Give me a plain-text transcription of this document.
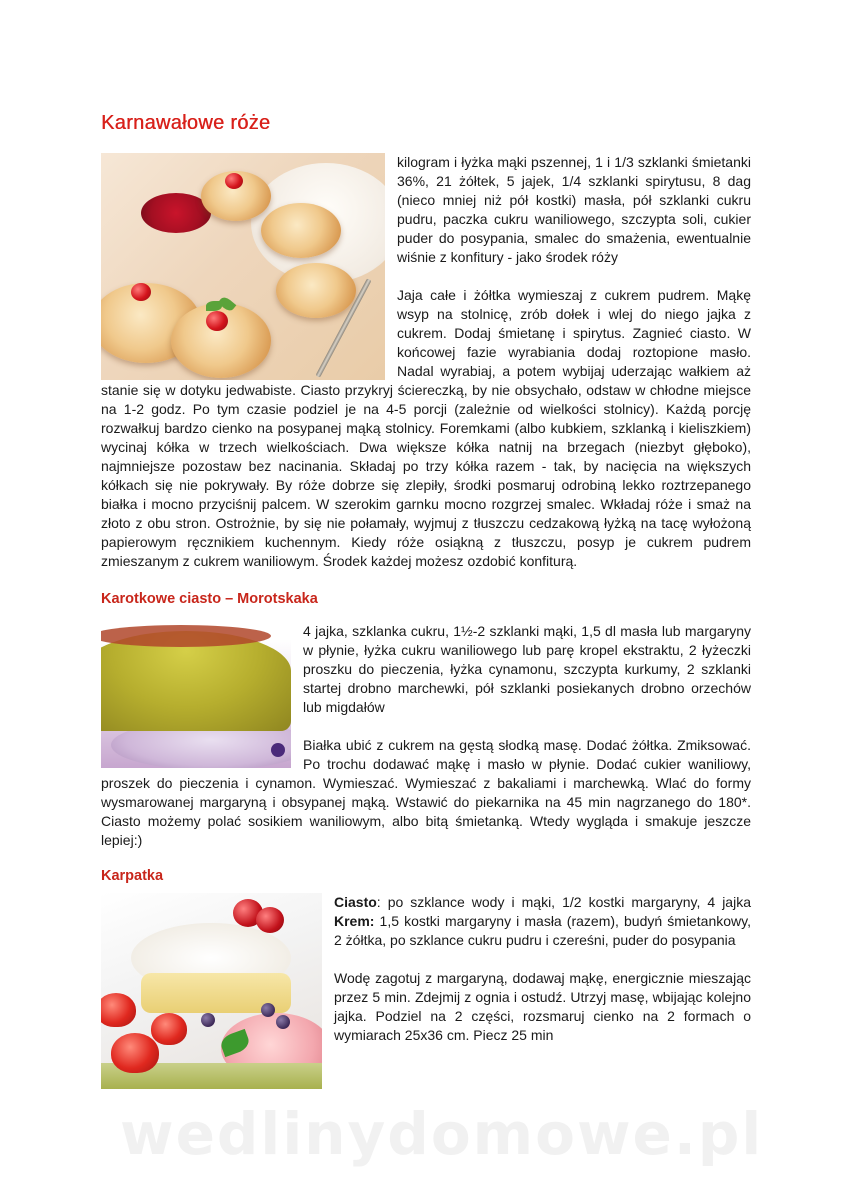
Karnawałowe róże

kilogram i łyżka mąki pszennej, 1 i 1/3 szklanki śmietanki 36%, 21 żółtek, 5 jajek, 1/4 szklanki spirytusu, 8 dag (nieco mniej niż pół kostki) masła, pół szklanki cukru pudru, paczka cukru waniliowego, szczypta soli, cukier puder do posypania, smalec do smażenia, ewentualnie wiśnie z konfitury - jako środek róży

Jaja całe i żółtka wymieszaj z cukrem pudrem. Mąkę wsyp na stolnicę, zrób dołek i wlej do niego jajka z cukrem. Dodaj śmietanę i spirytus. Zagnieć ciasto. W końcowej fazie wyrabiania dodaj roztopione masło. Nadal wyrabiaj, a potem wybijaj uderzając wałkiem aż stanie się w dotyku jedwabiste. Ciasto przykryj ściereczką, by nie obsychało, odstaw w chłodne miejsce na 1-2 godz. Po tym czasie podziel je na 4-5 porcji (zależnie od wielkości stolnicy). Każdą porcję rozwałkuj bardzo cienko na posypanej mąką stolnicy. Foremkami (albo kubkiem, szklanką i kieliszkiem) wycinaj kółka w trzech wielkościach. Dwa większe kółka natnij na brzegach (niezbyt głęboko), najmniejsze pozostaw bez nacinania. Składaj po trzy kółka razem - tak, by nacięcia na większych kółkach się nie pokrywały. By róże dobrze się zlepiły, środki posmaruj odrobiną lekko roztrzepanego białka i mocno przyciśnij palcem. W szerokim garnku mocno rozgrzej smalec. Wkładaj róże i smaż na złoto z obu stron. Ostrożnie, by się nie połamały, wyjmuj z tłuszczu cedzakową łyżką na tacę wyłożoną papierowym ręcznikiem kuchennym. Kiedy róże osiąkną z tłuszczu, posyp je cukrem pudrem zmieszanym z cukrem waniliowym. Środek każdej możesz ozdobić konfiturą.

Karotkowe ciasto – Morotskaka

4 jajka, szklanka cukru, 1½-2 szklanki mąki, 1,5 dl masła lub margaryny w płynie, łyżka cukru waniliowego lub parę kropel ekstraktu, 2 łyżeczki proszku do pieczenia, łyżka cynamonu, szczypta kurkumy, 2 szklanki startej drobno marchewki, pół szklanki posiekanych drobno orzechów lub migdałów

Białka ubić z cukrem na gęstą słodką masę. Dodać żółtka. Zmiksować. Po trochu dodawać mąkę i masło w płynie. Dodać cukier waniliowy, proszek do pieczenia i cynamon. Wymieszać. Wymieszać z bakaliami i marchewką. Wlać do formy wysmarowanej margaryną i obsypanej mąką. Wstawić do piekarnika na 45 min nagrzanego do 180*. Ciasto możemy polać sosikiem waniliowym, albo bitą śmietanką. Wtedy wygląda i smakuje jeszcze lepiej:)

Karpatka

Ciasto: po szklance wody i mąki, 1/2 kostki margaryny, 4 jajka Krem: 1,5 kostki margaryny i masła (razem), budyń śmietankowy, 2 żółtka, po szklance cukru pudru i czereśni, puder do posypania

Wodę zagotuj z margaryną, dodawaj mąkę, energicznie mieszając przez 5 min. Zdejmij z ognia i ostudź. Utrzyj masę, wbijając kolejno jajka. Podziel na 2 części, rozsmaruj cienko na 2 formach o wymiarach 25x36 cm. Piecz 25 min

wedlinydomowe.pl
